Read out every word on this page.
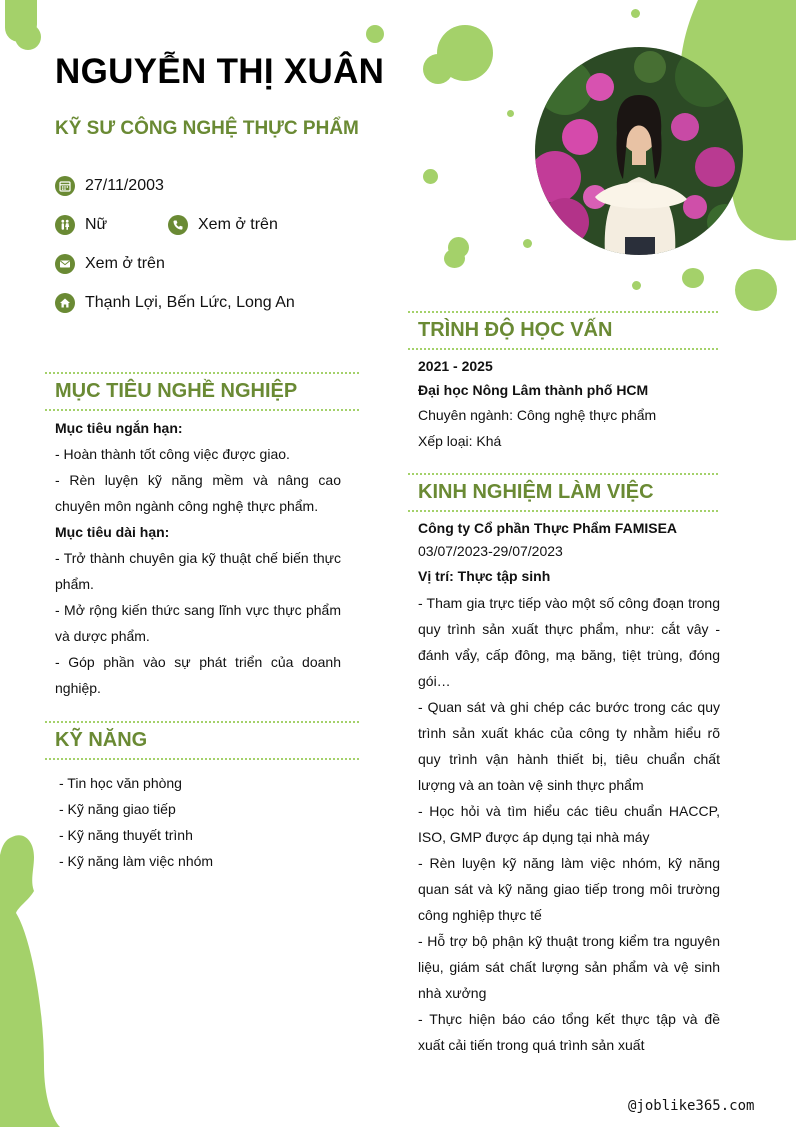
NGUYỄN THỊ XUÂN
KỸ SƯ CÔNG NGHỆ THỰC PHẨM
27/11/2003
Nữ	Xem ở trên
Xem ở trên
Thạnh Lợi, Bến Lức, Long An
MỤC TIÊU NGHỀ NGHIỆP

Mục tiêu ngắn hạn:

- Hoàn thành tốt công việc được giao.

- Rèn luyện kỹ năng mềm và nâng cao chuyên môn ngành công nghệ thực phẩm.

Mục tiêu dài hạn:

- Trở thành chuyên gia kỹ thuật chế biến thực phẩm.

- Mở rộng kiến thức sang lĩnh vực thực phẩm và dược phẩm.

- Góp phần vào sự phát triển của doanh nghiệp.

KỸ NĂNG
- Tin học văn phòng
- Kỹ năng giao tiếp
- Kỹ năng thuyết trình
- Kỹ năng làm việc nhóm
TRÌNH ĐỘ HỌC VẤN

2021 - 2025

Đại học Nông Lâm thành phố HCM

Chuyên ngành: Công nghệ thực phẩm

Xếp loại: Khá

KINH NGHIỆM LÀM VIỆC

Công ty Cổ phần Thực Phẩm FAMISEA

03/07/2023-29/07/2023

Vị trí: Thực tập sinh

- Tham gia trực tiếp vào một số công đoạn trong quy trình sản xuất thực phẩm, như: cắt vây - đánh vẩy, cấp đông, mạ băng, tiệt trùng, đóng gói…

- Quan sát và ghi chép các bước trong các quy trình sản xuất khác của công ty nhằm hiểu rõ quy trình vận hành thiết bị, tiêu chuẩn chất lượng và an toàn vệ sinh thực phẩm

- Học hỏi và tìm hiểu các tiêu chuẩn HACCP, ISO, GMP được áp dụng tại nhà máy

- Rèn luyện kỹ năng làm việc nhóm, kỹ năng quan sát và kỹ năng giao tiếp trong môi trường công nghiệp thực tế

- Hỗ trợ bộ phận kỹ thuật trong kiểm tra nguyên liệu, giám sát chất lượng sản phẩm và vệ sinh nhà xưởng

- Thực hiện báo cáo tổng kết thực tập và đề xuất cải tiến trong quá trình sản xuất

@joblike365.com
